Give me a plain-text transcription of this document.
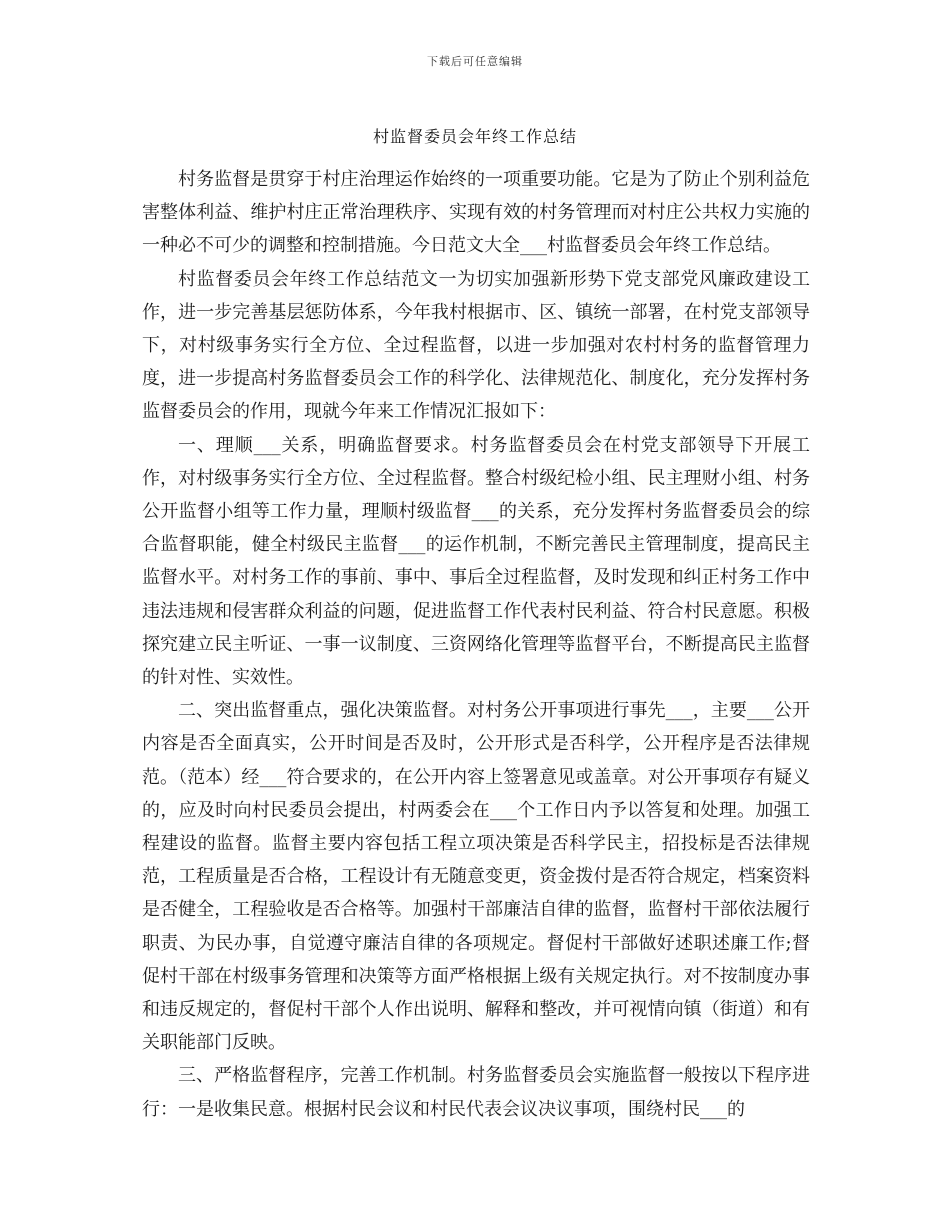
下载后可任意编辑
村监督委员会年终工作总结

村务监督是贯穿于村庄治理运作始终的一项重要功能。它是为了防止个别利益危害整体利益、维护村庄正常治理秩序、实现有效的村务管理而对村庄公共权力实施的一种必不可少的调整和控制措施。今日范文大全___村监督委员会年终工作总结。

村监督委员会年终工作总结范文一为切实加强新形势下党支部党风廉政建设工作，进一步完善基层惩防体系，今年我村根据市、区、镇统一部署，在村党支部领导下，对村级事务实行全方位、全过程监督，以进一步加强对农村村务的监督管理力度，进一步提高村务监督委员会工作的科学化、法律规范化、制度化，充分发挥村务监督委员会的作用，现就今年来工作情况汇报如下：

一、理顺___关系，明确监督要求。村务监督委员会在村党支部领导下开展工作，对村级事务实行全方位、全过程监督。整合村级纪检小组、民主理财小组、村务公开监督小组等工作力量，理顺村级监督___的关系，充分发挥村务监督委员会的综合监督职能，健全村级民主监督___的运作机制，不断完善民主管理制度，提高民主监督水平。对村务工作的事前、事中、事后全过程监督，及时发现和纠正村务工作中违法违规和侵害群众利益的问题，促进监督工作代表村民利益、符合村民意愿。积极探究建立民主听证、一事一议制度、三资网络化管理等监督平台，不断提高民主监督的针对性、实效性。

二、突出监督重点，强化决策监督。对村务公开事项进行事先___，主要___公开内容是否全面真实，公开时间是否及时，公开形式是否科学，公开程序是否法律规范。（范本）经___符合要求的，在公开内容上签署意见或盖章。对公开事项存有疑义的，应及时向村民委员会提出，村两委会在___个工作日内予以答复和处理。加强工程建设的监督。监督主要内容包括工程立项决策是否科学民主，招投标是否法律规范，工程质量是否合格，工程设计有无随意变更，资金拨付是否符合规定，档案资料是否健全，工程验收是否合格等。加强村干部廉洁自律的监督，监督村干部依法履行职责、为民办事，自觉遵守廉洁自律的各项规定。督促村干部做好述职述廉工作;督促村干部在村级事务管理和决策等方面严格根据上级有关规定执行。对不按制度办事和违反规定的，督促村干部个人作出说明、解释和整改，并可视情向镇（街道）和有关职能部门反映。

三、严格监督程序，完善工作机制。村务监督委员会实施监督一般按以下程序进行：一是收集民意。根据村民会议和村民代表会议决议事项，围绕村民___的
